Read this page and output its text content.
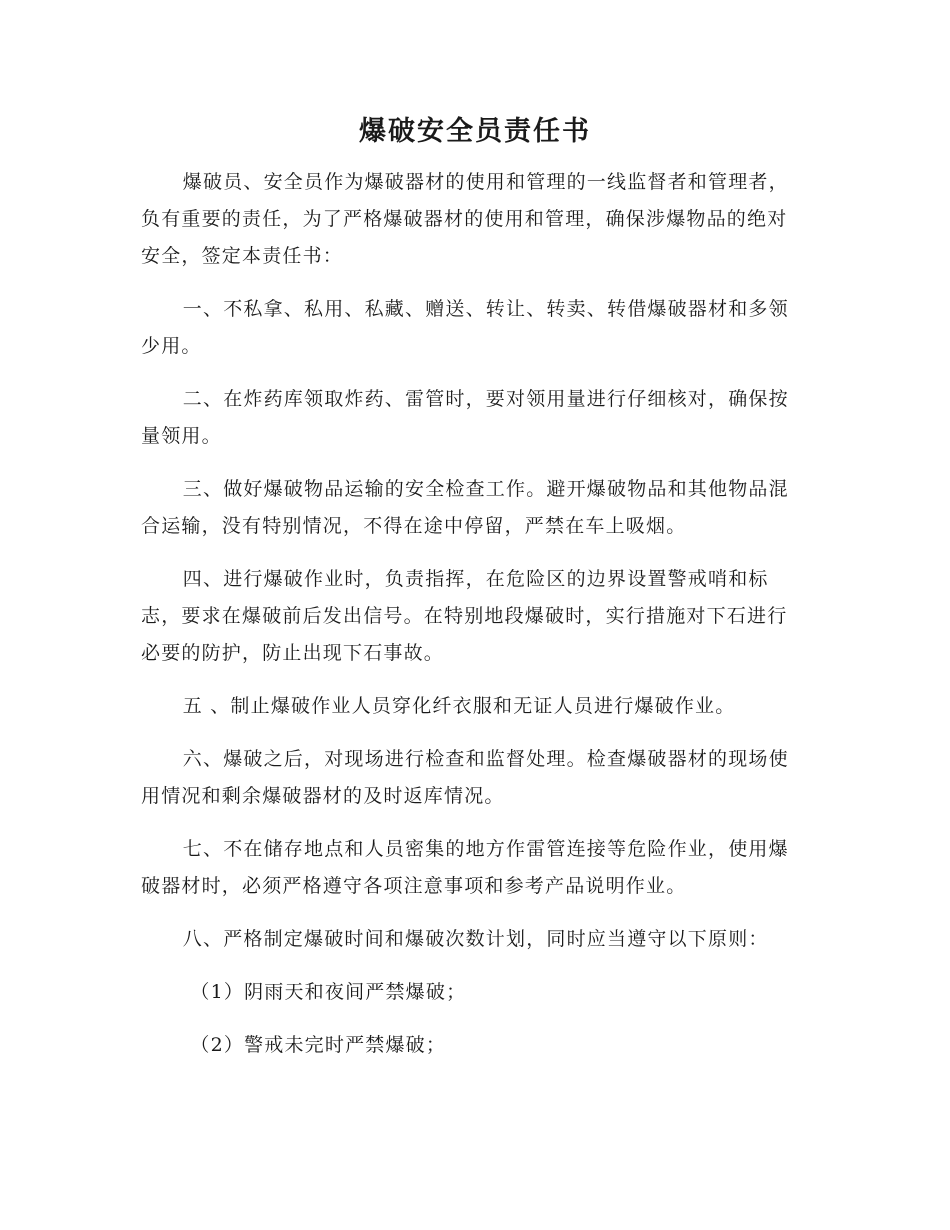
爆破安全员责任书

爆破员、安全员作为爆破器材的使用和管理的一线监督者和管理者，负有重要的责任，为了严格爆破器材的使用和管理，确保涉爆物品的绝对安全，签定本责任书：

一、不私拿、私用、私藏、赠送、转让、转卖、转借爆破器材和多领少用。

二、在炸药库领取炸药、雷管时，要对领用量进行仔细核对，确保按量领用。

三、做好爆破物品运输的安全检查工作。避开爆破物品和其他物品混合运输，没有特别情况，不得在途中停留，严禁在车上吸烟。

四、进行爆破作业时，负责指挥，在危险区的边界设置警戒哨和标志，要求在爆破前后发出信号。在特别地段爆破时，实行措施对下石进行必要的防护，防止出现下石事故。

五 、制止爆破作业人员穿化纤衣服和无证人员进行爆破作业。

六、爆破之后，对现场进行检查和监督处理。检查爆破器材的现场使用情况和剩余爆破器材的及时返库情况。

七、不在储存地点和人员密集的地方作雷管连接等危险作业，使用爆破器材时，必须严格遵守各项注意事项和参考产品说明作业。

八、严格制定爆破时间和爆破次数计划，同时应当遵守以下原则：

（1）阴雨天和夜间严禁爆破；

（2）警戒未完时严禁爆破；
